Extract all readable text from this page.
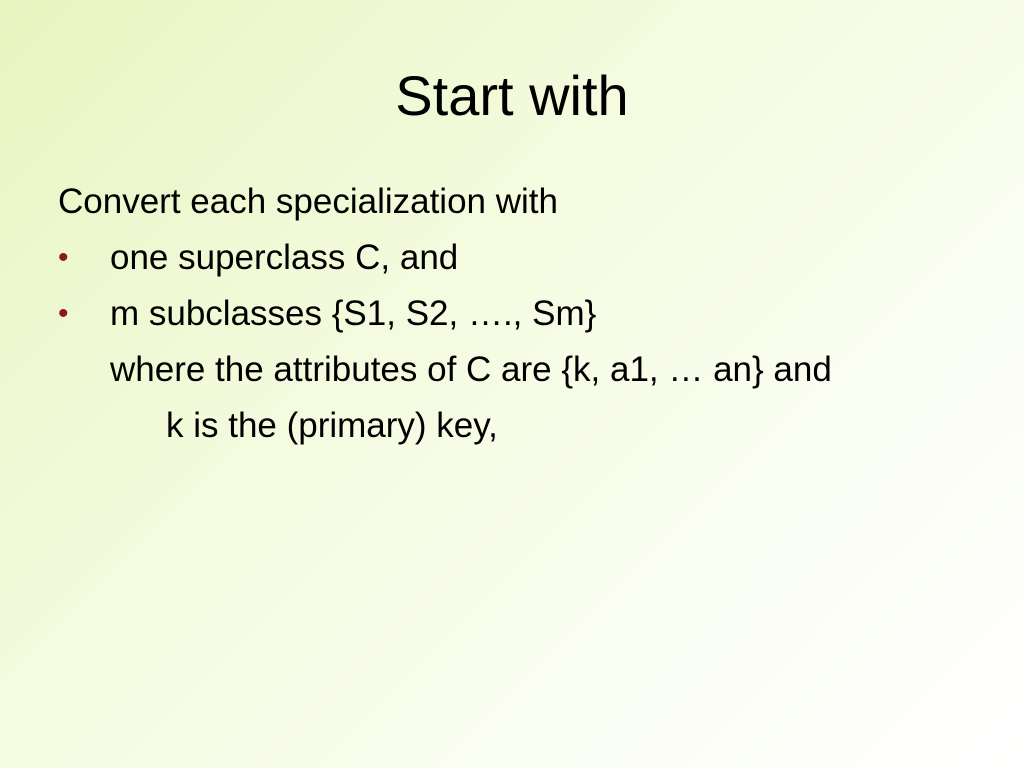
Start with
Convert each specialization with
• one superclass C, and
• m subclasses {S1, S2, …., Sm}
where the attributes of C are {k, a1, … an} and
k is the (primary) key,
